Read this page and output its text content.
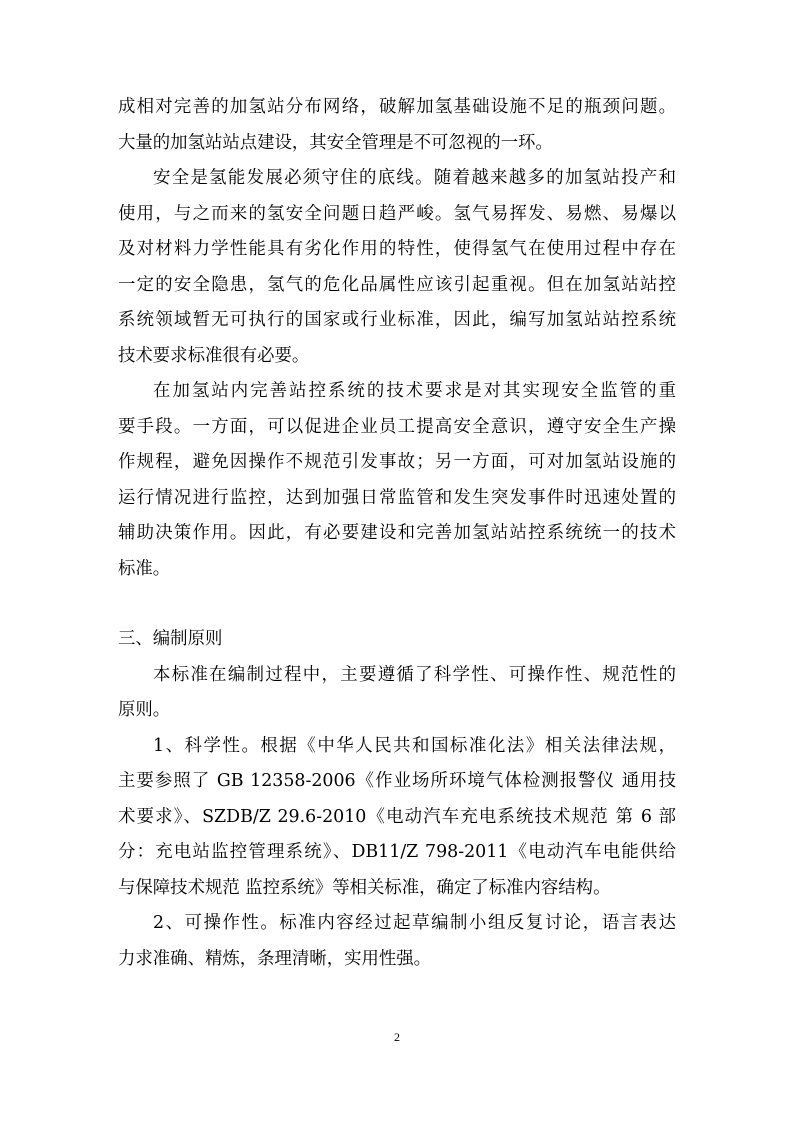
成相对完善的加氢站分布网络，破解加氢基础设施不足的瓶颈问题。
大量的加氢站站点建设，其安全管理是不可忽视的一环。
安全是氢能发展必须守住的底线。随着越来越多的加氢站投产和
使用，与之而来的氢安全问题日趋严峻。氢气易挥发、易燃、易爆以
及对材料力学性能具有劣化作用的特性，使得氢气在使用过程中存在
一定的安全隐患，氢气的危化品属性应该引起重视。但在加氢站站控
系统领域暂无可执行的国家或行业标准，因此，编写加氢站站控系统
技术要求标准很有必要。
在加氢站内完善站控系统的技术要求是对其实现安全监管的重
要手段。一方面，可以促进企业员工提高安全意识，遵守安全生产操
作规程，避免因操作不规范引发事故；另一方面，可对加氢站设施的
运行情况进行监控，达到加强日常监管和发生突发事件时迅速处置的
辅助决策作用。因此，有必要建设和完善加氢站站控系统统一的技术
标准。
三、编制原则
本标准在编制过程中，主要遵循了科学性、可操作性、规范性的
原则。
1、科学性。根据《中华人民共和国标准化法》相关法律法规，
主要参照了 GB 12358-2006《作业场所环境气体检测报警仪 通用技
术要求》、SZDB/Z 29.6-2010《电动汽车充电系统技术规范 第 6 部
分：充电站监控管理系统》、DB11/Z 798-2011《电动汽车电能供给
与保障技术规范 监控系统》等相关标准，确定了标准内容结构。
2、可操作性。标准内容经过起草编制小组反复讨论，语言表达
力求准确、精炼，条理清晰，实用性强。
2
